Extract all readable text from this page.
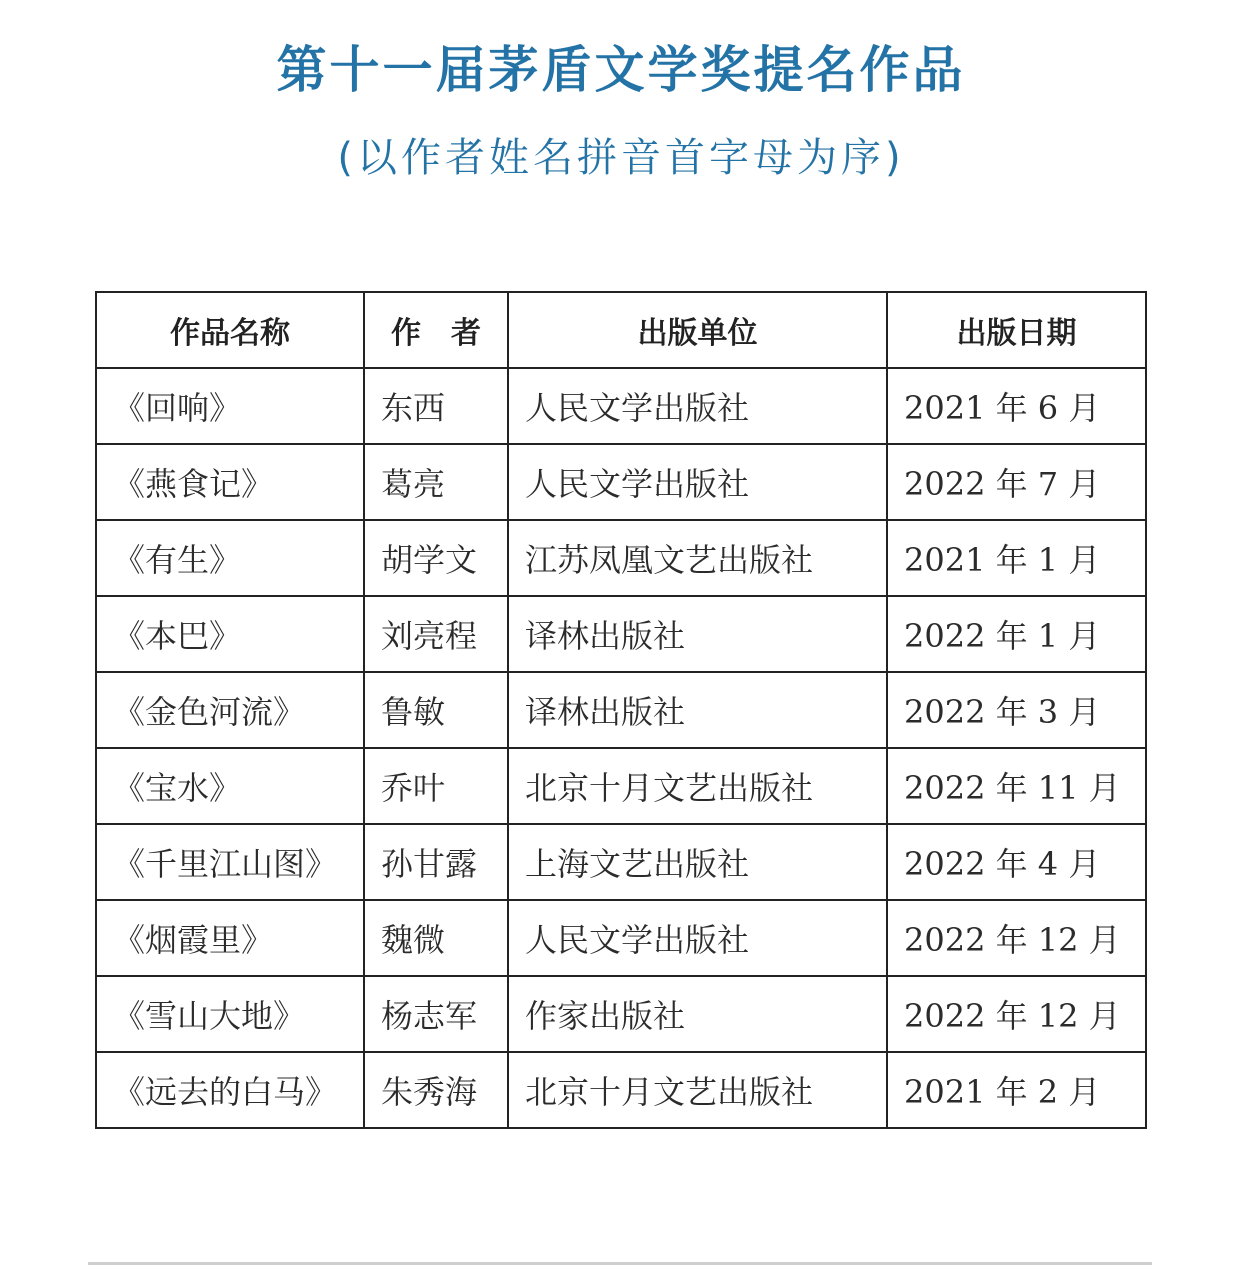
第十一届茅盾文学奖提名作品
(以作者姓名拼音首字母为序)
作品名称	作　者	出版单位	出版日期
《回响》	东西	人民文学出版社	2021 年 6 月
《燕食记》	葛亮	人民文学出版社	2022 年 7 月
《有生》	胡学文	江苏凤凰文艺出版社	2021 年 1 月
《本巴》	刘亮程	译林出版社	2022 年 1 月
《金色河流》	鲁敏	译林出版社	2022 年 3 月
《宝水》	乔叶	北京十月文艺出版社	2022 年 11 月
《千里江山图》	孙甘露	上海文艺出版社	2022 年 4 月
《烟霞里》	魏微	人民文学出版社	2022 年 12 月
《雪山大地》	杨志军	作家出版社	2022 年 12 月
《远去的白马》	朱秀海	北京十月文艺出版社	2021 年 2 月
